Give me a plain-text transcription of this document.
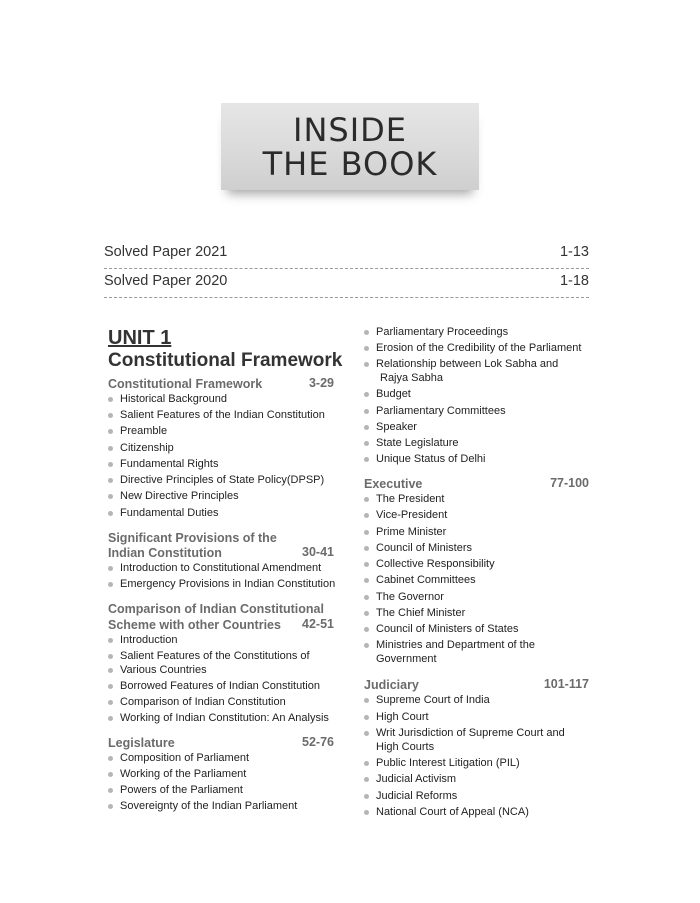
INSIDE
THE BOOK
Solved Paper 2021	1-13
Solved Paper 2020	1-18
UNIT 1
Constitutional Framework
Constitutional Framework	3-29
Historical Background
Salient Features of the Indian Constitution
Preamble
Citizenship
Fundamental Rights
Directive Principles of State Policy(DPSP)
New Directive Principles
Fundamental Duties
Significant Provisions of the
Indian Constitution	30-41
Introduction to Constitutional Amendment
Emergency Provisions in Indian Constitution
Comparison of Indian Constitutional
Scheme with other Countries	42-51
Introduction
Salient Features of the Constitutions of
Various Countries
Borrowed Features of Indian Constitution
Comparison of Indian Constitution
Working of Indian Constitution: An Analysis
Legislature	52-76
Composition of Parliament
Working of the Parliament
Powers of the Parliament
Sovereignty of the Indian Parliament
Parliamentary Proceedings
Erosion of the Credibility of the Parliament
Relationship between Lok Sabha and
Rajya Sabha
Budget
Parliamentary Committees
Speaker
State Legislature
Unique Status of Delhi
Executive	77-100
The President
Vice-President
Prime Minister
Council of Ministers
Collective Responsibility
Cabinet Committees
The Governor
The Chief Minister
Council of Ministers of States
Ministries and Department of the
Government
Judiciary	101-117
Supreme Court of India
High Court
Writ Jurisdiction of Supreme Court and
High Courts
Public Interest Litigation (PIL)
Judicial Activism
Judicial Reforms
National Court of Appeal (NCA)
